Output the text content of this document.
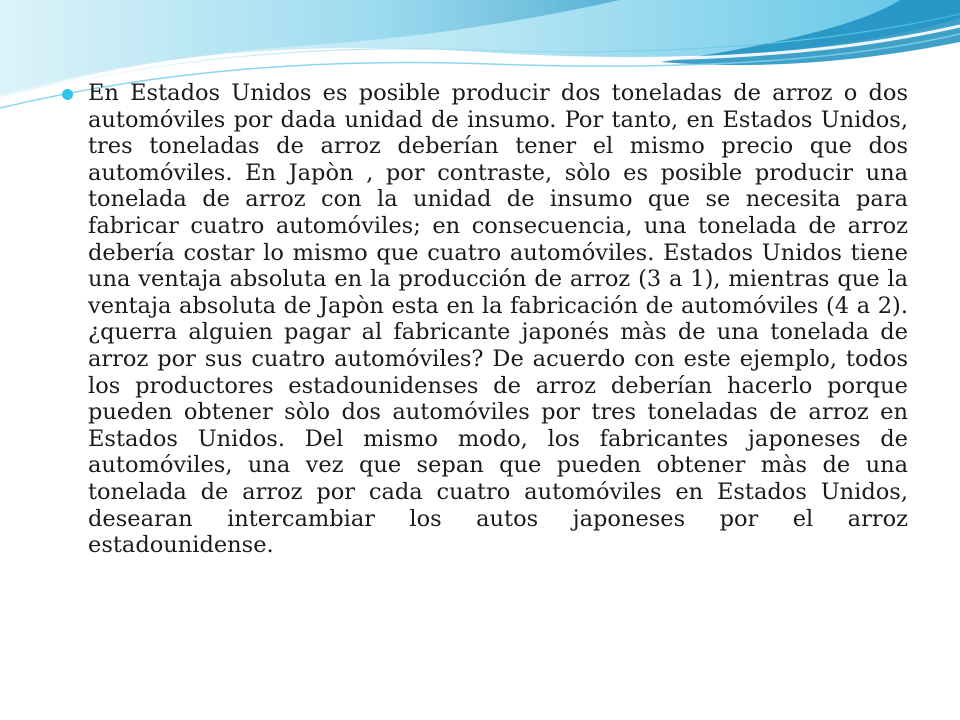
En Estados Unidos es posible producir dos toneladas de arroz o dos automóviles por dada unidad de insumo. Por tanto, en Estados Unidos, tres toneladas de arroz deberían tener el mismo precio que dos automóviles. En Japòn , por contraste, sòlo es posible producir una tonelada de arroz con la unidad de insumo que se necesita para fabricar cuatro automóviles; en consecuencia, una tonelada de arroz debería costar lo mismo que cuatro automóviles. Estados Unidos tiene una ventaja absoluta en la producción de arroz (3 a 1), mientras que la ventaja absoluta de Japòn esta en la fabricación de automóviles (4 a 2). ¿querra alguien pagar al fabricante japonés màs de una tonelada de arroz por sus cuatro automóviles? De acuerdo con este ejemplo, todos los productores estadounidenses de arroz deberían hacerlo porque pueden obtener sòlo dos automóviles por tres toneladas de arroz en Estados Unidos. Del mismo modo, los fabricantes japoneses de automóviles, una vez que sepan que pueden obtener màs de una tonelada de arroz por cada cuatro automóviles en Estados Unidos, desearan intercambiar los autos japoneses por el arroz estadounidense.
